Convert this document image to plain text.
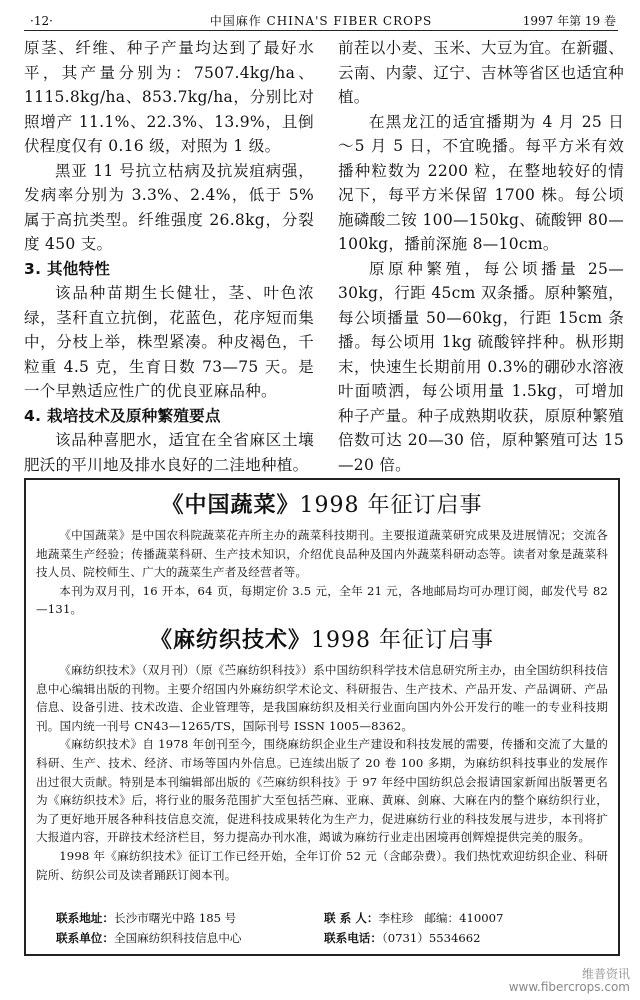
·12·	中国麻作 CHINA'S FIBER CROPS	1997 年第 19 卷

原茎、纤维、种子产量均达到了最好水平，其产量分别为：7507.4kg/ha、1115.8kg/ha、853.7kg/ha，分别比对照增产 11.1%、22.3%、13.9%，且倒伏程度仅有 0.16 级，对照为 1 级。

黑亚 11 号抗立枯病及抗炭疽病强，发病率分别为 3.3%、2.4%，低于 5%属于高抗类型。纤维强度 26.8kg，分裂度 450 支。

3. 其他特性

该品种苗期生长健壮，茎、叶色浓绿，茎秆直立抗倒，花蓝色，花序短而集中，分枝上举，株型紧凑。种皮褐色，千粒重 4.5 克，生育日数 73—75 天。是一个早熟适应性广的优良亚麻品种。

4. 栽培技术及原种繁殖要点

该品种喜肥水，适宜在全省麻区土壤肥沃的平川地及排水良好的二洼地种植。

前茬以小麦、玉米、大豆为宜。在新疆、云南、内蒙、辽宁、吉林等省区也适宜种植。

在黑龙江的适宜播期为 4 月 25 日～5 月 5 日，不宜晚播。每平方米有效播种粒数为 2200 粒，在整地较好的情况下，每平方米保留 1700 株。每公顷施磷酸二铵 100—150kg、硫酸钾 80—100kg，播前深施 8—10cm。

原原种繁殖，每公顷播量 25—30kg，行距 45cm 双条播。原种繁殖，每公顷播量 50—60kg，行距 15cm 条播。每公顷用 1kg 硫酸锌拌种。枞形期末，快速生长期前用 0.3%的硼砂水溶液叶面喷洒，每公顷用量 1.5kg，可增加种子产量。种子成熟期收获，原原种繁殖倍数可达 20—30 倍，原种繁殖可达 15—20 倍。

《中国蔬菜》1998 年征订启事

《中国蔬菜》是中国农科院蔬菜花卉所主办的蔬菜科技期刊。主要报道蔬菜研究成果及进展情况；交流各地蔬菜生产经验；传播蔬菜科研、生产技术知识，介绍优良品种及国内外蔬菜科研动态等。读者对象是蔬菜科技人员、院校师生、广大的蔬菜生产者及经营者等。

本刊为双月刊，16 开本，64 页，每期定价 3.5 元，全年 21 元，各地邮局均可办理订阅，邮发代号 82—131。

《麻纺织技术》1998 年征订启事

《麻纺织技术》（双月刊）（原《苎麻纺织科技》）系中国纺织科学技术信息研究所主办，由全国纺织科技信息中心编辑出版的刊物。主要介绍国内外麻纺织学术论文、科研报告、生产技术、产品开发、产品调研、产品信息、设备引进、技术改造、企业管理等，是我国麻纺织及相关行业面向国内外公开发行的唯一的专业科技期刊。国内统一刊号 CN43—1265/TS，国际刊号 ISSN 1005—8362。

《麻纺织技术》自 1978 年创刊至今，围绕麻纺织企业生产建设和科技发展的需要，传播和交流了大量的科研、生产、技术、经济、市场等国内外信息。已连续出版了 20 卷 100 多期，为麻纺织科技事业的发展作出过很大贡献。特别是本刊编辑部出版的《苎麻纺织科技》于 97 年经中国纺织总会报请国家新闻出版署更名为《麻纺织技术》后，将行业的服务范围扩大至包括苎麻、亚麻、黄麻、剑麻、大麻在内的整个麻纺织行业，为了更好地开展各种科技信息交流，促进科技成果转化为生产力，促进麻纺行业的科技发展与进步，本刊将扩大报道内容，开辟技术经济栏目，努力提高办刊水准，竭诚为麻纺行业走出困境再创辉煌提供完美的服务。

1998 年《麻纺织技术》征订工作已经开始，全年订价 52 元（含邮杂费）。我们热忱欢迎纺织企业、科研院所、纺织公司及读者踊跃订阅本刊。

联系地址：长沙市曙光中路 185 号	联 系 人：李柱珍 邮编：410007
联系单位：全国麻纺织科技信息中心	联系电话：（0731）5534662
维普资讯
www.fibercrops.com
